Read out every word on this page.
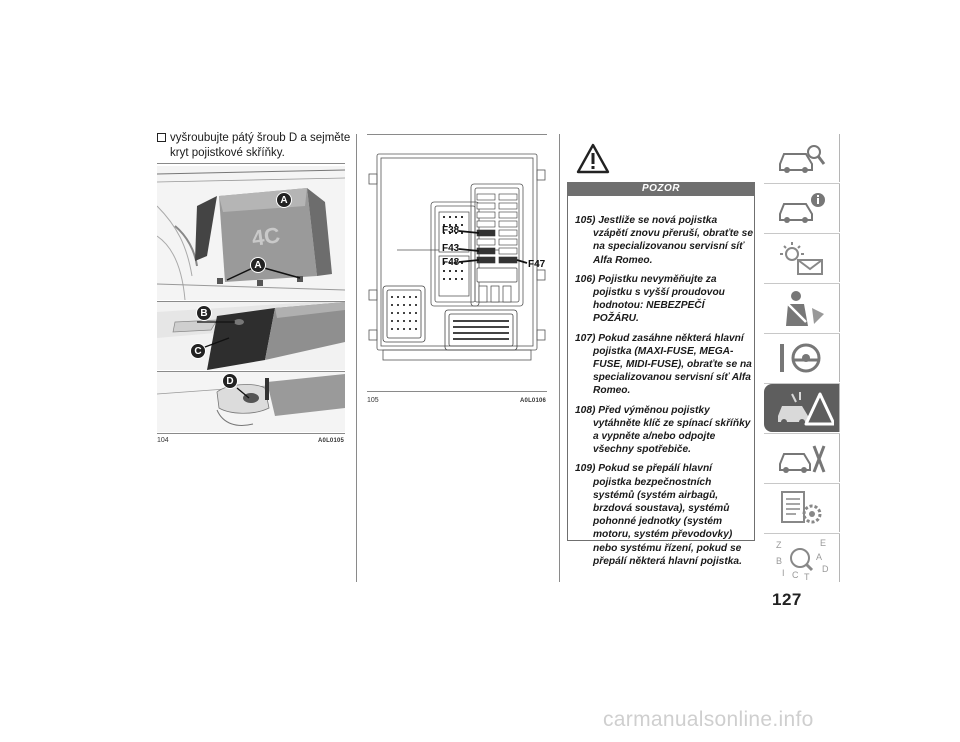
vyšroubujte pátý šroub D a sejměte
kryt pojistkové skříňky.
4C
A
A
B
C
D
104	A0L0105
F38
F43
F48	F47
105	A0L0106
POZOR

105) Jestliže se nová pojistka vzápětí znovu přeruší, obraťte se na specializovanou servisní síť Alfa Romeo.

106) Pojistku nevyměňujte za pojistku s vyšší proudovou hodnotou: NEBEZPEČÍ POŽÁRU.

107) Pokud zasáhne některá hlavní pojistka (MAXI-FUSE, MEGA-FUSE, MIDI-FUSE), obraťte se na specializovanou servisní síť Alfa Romeo.

108) Před výměnou pojistky vytáhněte klíč ze spínací skříňky a vypněte a/nebo odpojte všechny spotřebiče.

109) Pokud se přepálí hlavní pojistka bezpečnostních systémů (systém airbagů, brzdová soustava), systémů pohonné jednotky (systém motoru, systém převodovky) nebo systému řízení, pokud se přepálí některá hlavní pojistka.

Z	E
B	A
I C T
D
127
carmanualsonline.info
